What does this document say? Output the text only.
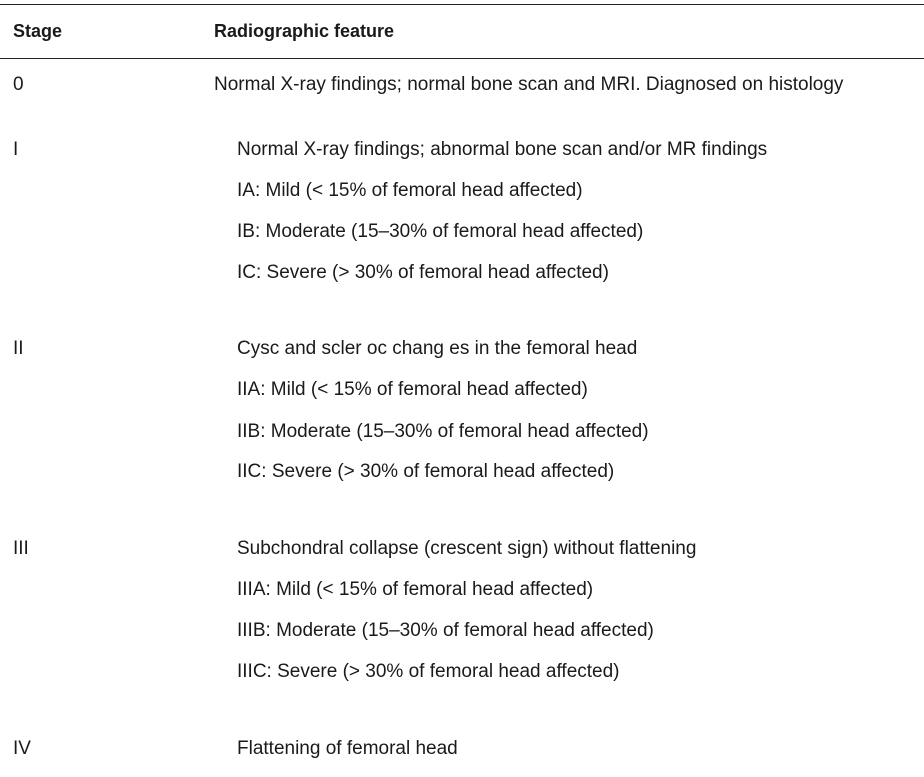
Stage	Radiographic feature
0	Normal X-ray findings; normal bone scan and MRI. Diagnosed on histology
I	Normal X-ray findings; abnormal bone scan and/or MR findings
IA: Mild (< 15% of femoral head affected)
IB: Moderate (15–30% of femoral head affected)
IC: Severe (> 30% of femoral head affected)
II	Cysc and scler oc chang es in the femoral head
IIA: Mild (< 15% of femoral head affected)
IIB: Moderate (15–30% of femoral head affected)
IIC: Severe (> 30% of femoral head affected)
III	Subchondral collapse (crescent sign) without flattening
IIIA: Mild (< 15% of femoral head affected)
IIIB: Moderate (15–30% of femoral head affected)
IIIC: Severe (> 30% of femoral head affected)
IV	Flattening of femoral head
